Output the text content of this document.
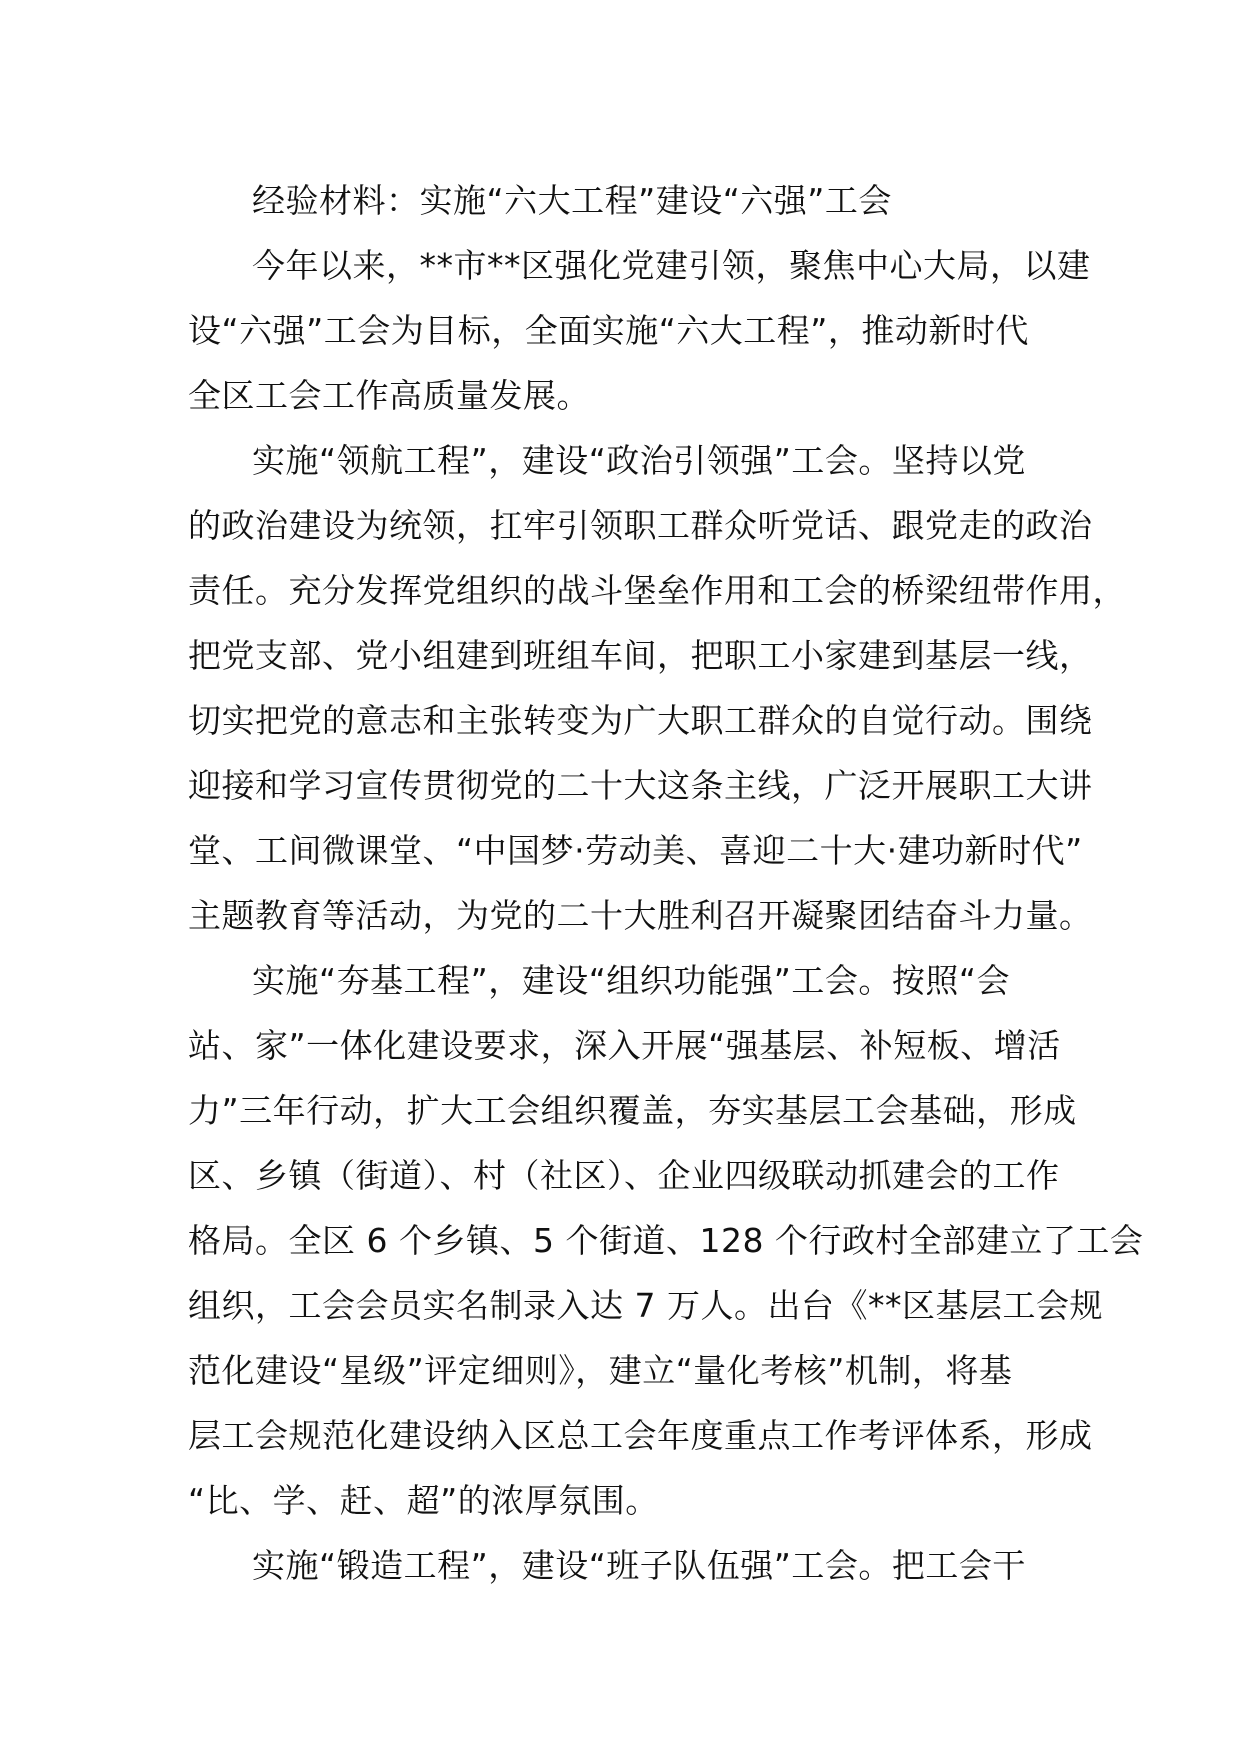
经验材料：实施“六大工程”建设“六强”工会
今年以来，**市**区强化党建引领，聚焦中心大局，以建
设“六强”工会为目标，全面实施“六大工程”，推动新时代
全区工会工作高质量发展。
实施“领航工程”，建设“政治引领强”工会。坚持以党
的政治建设为统领，扛牢引领职工群众听党话、跟党走的政治
责任。充分发挥党组织的战斗堡垒作用和工会的桥梁纽带作用，
把党支部、党小组建到班组车间，把职工小家建到基层一线，
切实把党的意志和主张转变为广大职工群众的自觉行动。围绕
迎接和学习宣传贯彻党的二十大这条主线，广泛开展职工大讲
堂、工间微课堂、“中国梦·劳动美、喜迎二十大·建功新时代”
主题教育等活动，为党的二十大胜利召开凝聚团结奋斗力量。
实施“夯基工程”，建设“组织功能强”工会。按照“会
站、家”一体化建设要求，深入开展“强基层、补短板、增活
力”三年行动，扩大工会组织覆盖，夯实基层工会基础，形成
区、乡镇（街道）、村（社区）、企业四级联动抓建会的工作
格局。全区 6 个乡镇、5 个街道、128 个行政村全部建立了工会
组织，工会会员实名制录入达 7 万人。出台《**区基层工会规
范化建设“星级”评定细则》，建立“量化考核”机制，将基
层工会规范化建设纳入区总工会年度重点工作考评体系，形成
“比、学、赶、超”的浓厚氛围。
实施“锻造工程”，建设“班子队伍强”工会。把工会干
